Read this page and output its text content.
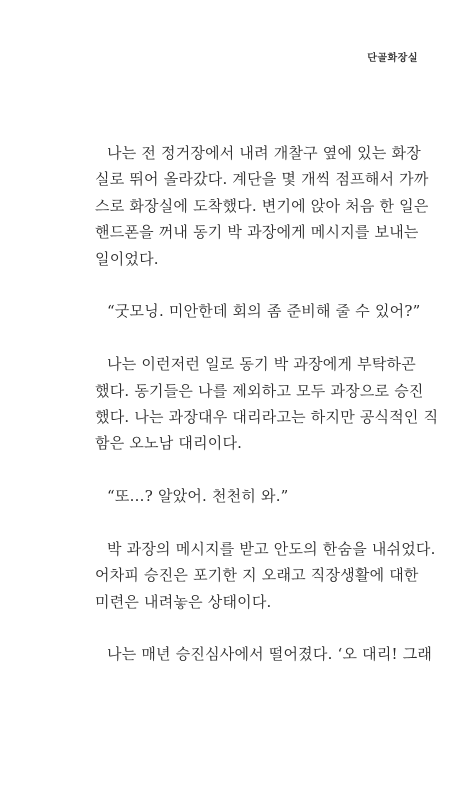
단골화장실
나는 전 정거장에서 내려 개찰구 옆에 있는 화장
실로 뛰어 올라갔다. 계단을 몇 개씩 점프해서 가까
스로 화장실에 도착했다. 변기에 앉아 처음 한 일은
핸드폰을 꺼내 동기 박 과장에게 메시지를 보내는
일이었다.
“굿모닝. 미안한데 회의 좀 준비해 줄 수 있어?”
나는 이런저런 일로 동기 박 과장에게 부탁하곤
했다. 동기들은 나를 제외하고 모두 과장으로 승진
했다. 나는 과장대우 대리라고는 하지만 공식적인 직
함은 오노남 대리이다.
“또…? 알았어. 천천히 와.”
박 과장의 메시지를 받고 안도의 한숨을 내쉬었다.
어차피 승진은 포기한 지 오래고 직장생활에 대한
미련은 내려놓은 상태이다.
나는 매년 승진심사에서 떨어졌다. ‘오 대리! 그래
